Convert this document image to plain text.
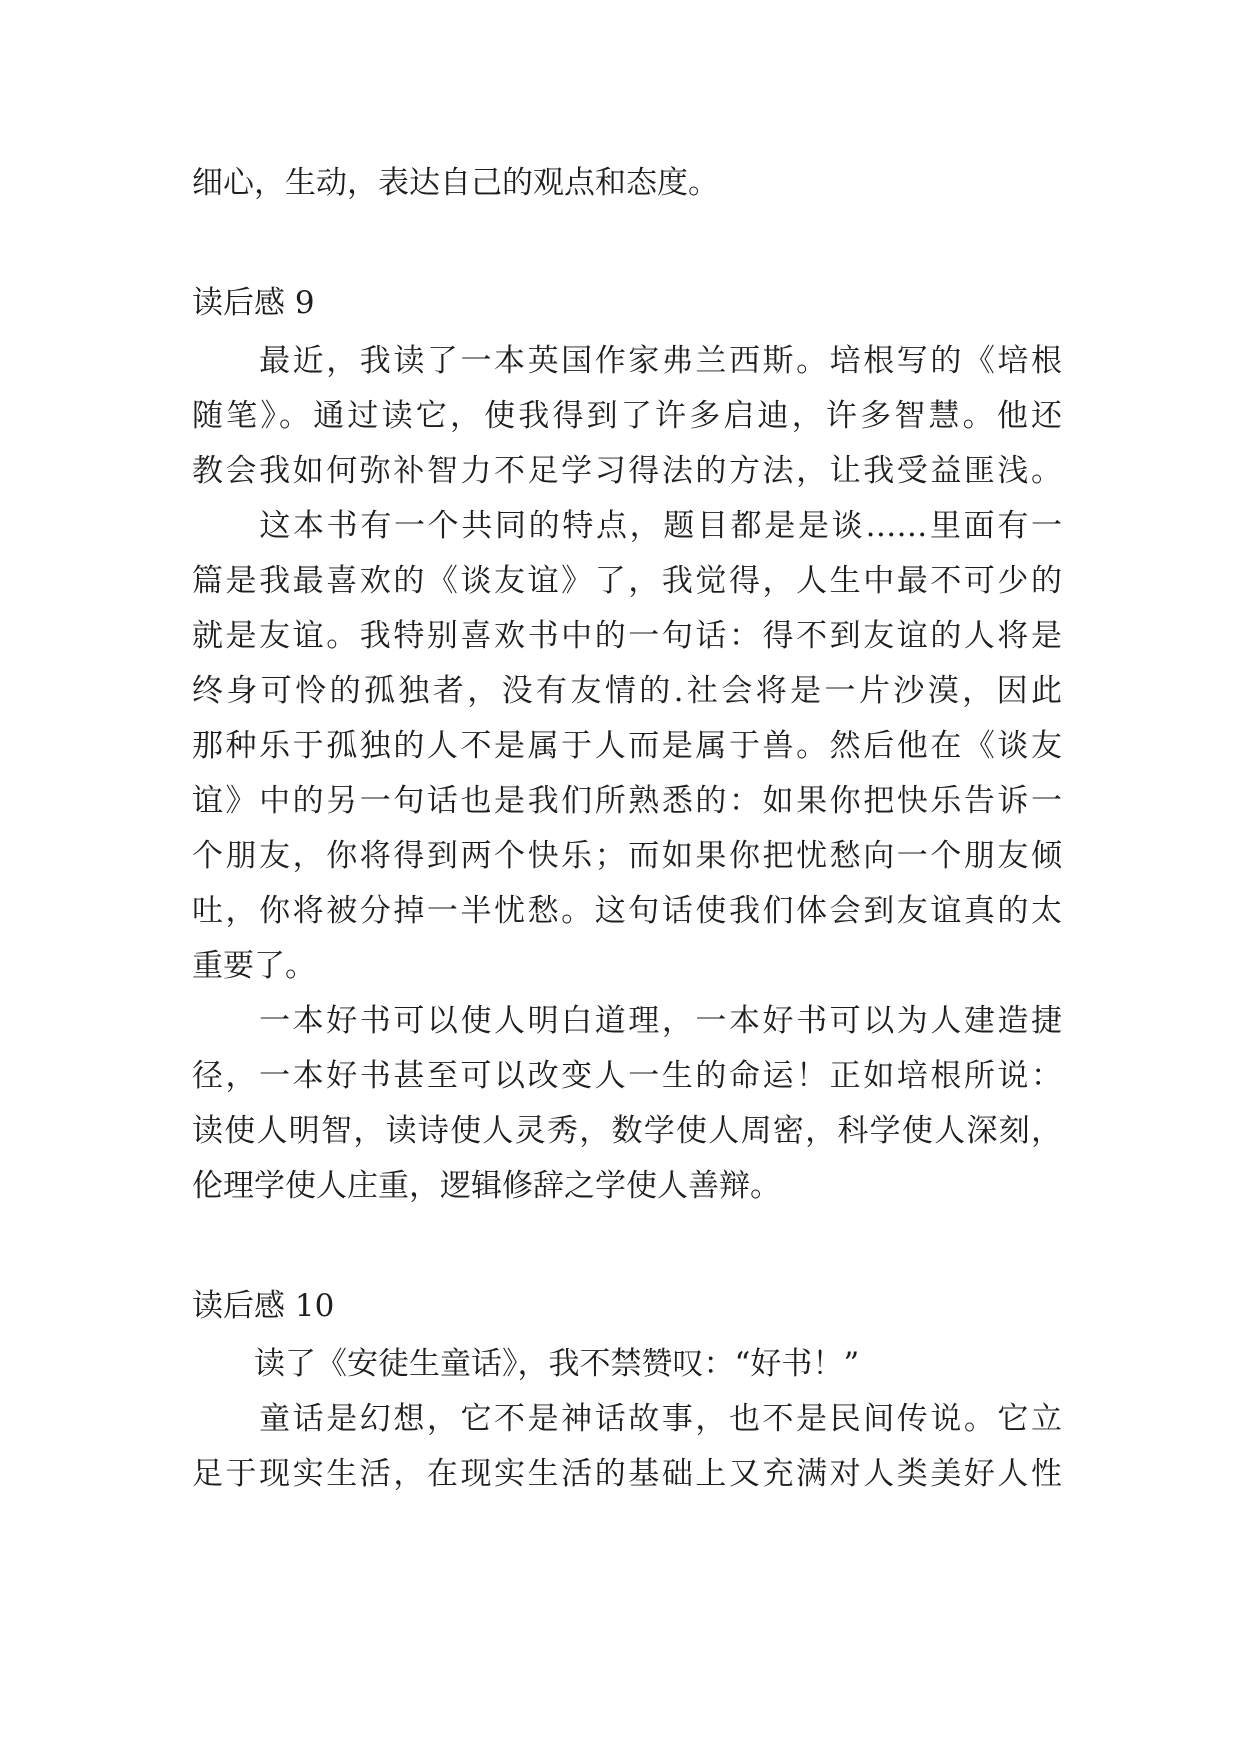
细心，生动，表达自己的观点和态度。
读后感 9
　　最近，我读了一本英国作家弗兰西斯。培根写的《培根
随笔》。通过读它，使我得到了许多启迪，许多智慧。他还
教会我如何弥补智力不足学习得法的方法，让我受益匪浅。
　　这本书有一个共同的特点，题目都是是谈……里面有一
篇是我最喜欢的《谈友谊》了，我觉得，人生中最不可少的
就是友谊。我特别喜欢书中的一句话：得不到友谊的人将是
终身可怜的孤独者，没有友情的.社会将是一片沙漠，因此
那种乐于孤独的人不是属于人而是属于兽。然后他在《谈友
谊》中的另一句话也是我们所熟悉的：如果你把快乐告诉一
个朋友，你将得到两个快乐；而如果你把忧愁向一个朋友倾
吐，你将被分掉一半忧愁。这句话使我们体会到友谊真的太
重要了。
　　一本好书可以使人明白道理，一本好书可以为人建造捷
径，一本好书甚至可以改变人一生的命运！正如培根所说：
读使人明智，读诗使人灵秀，数学使人周密，科学使人深刻，
伦理学使人庄重，逻辑修辞之学使人善辩。
读后感 10
　　读了《安徒生童话》，我不禁赞叹：“好书！”
　　童话是幻想，它不是神话故事，也不是民间传说。它立
足于现实生活，在现实生活的基础上又充满对人类美好人性
